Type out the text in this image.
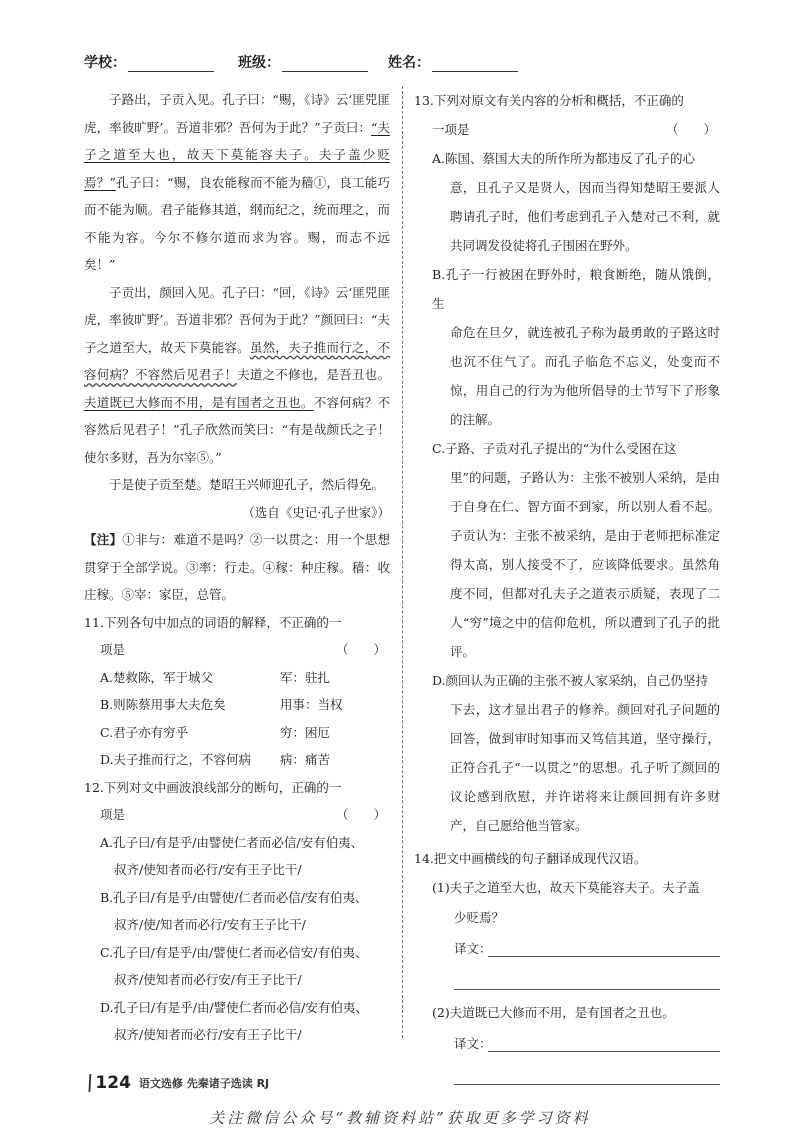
学校：	班级：	姓名：

子路出，子贡入见。孔子曰：“赐，《诗》云‘匪兕匪虎，率彼旷野’。吾道非邪？吾何为于此？”子贡曰：“夫子之道至大也，故天下莫能容夫子。夫子盖少贬焉？”孔子曰：“赐，良农能稼而不能为穑①，良工能巧而不能为顺。君子能修其道，纲而纪之，统而理之，而不能为容。今尔不修尔道而求为容。赐，而志不远矣！”

子贡出，颜回入见。孔子曰：“回，《诗》云‘匪兕匪虎，率彼旷野’。吾道非邪？吾何为于此？”颜回曰：“夫子之道至大，故天下莫能容。虽然，夫子推而行之，不容何病？不容然后见君子！夫道之不修也，是吾丑也。夫道既已大修而不用，是有国者之丑也。不容何病？不容然后见君子！”孔子欣然而笑曰：“有是哉颜氏之子！使尔多财，吾为尔宰⑤。”

于是使子贡至楚。楚昭王兴师迎孔子，然后得免。

（选自《史记·孔子世家》）

【注】①非与：难道不是吗？②一以贯之：用一个思想贯穿于全部学说。③率：行走。④稼：种庄稼。穑：收庄稼。⑤宰：家臣，总管。

11.下列各句中加点的词语的解释，不正确的一

项是	（　　）

A.楚救陈，军于城父	军：驻扎
B.则陈蔡用事大夫危矣	用事：当权
C.君子亦有穷乎	穷：困厄
D.夫子推而行之，不容何病 病：痛苦

12.下列对文中画波浪线部分的断句，正确的一

项是	（　　）

A.孔子曰/有是乎/由譬使仁者而必信/安有伯夷、
叔齐/使知者而必行/安有王子比干/

B.孔子曰/有是乎/由譬使/仁者而必信/安有伯夷、
叔齐/使/知者而必行/安有王子比干/

C.孔子曰/有是乎/由/譬使仁者而必信安/有伯夷、
叔齐/使知者而必行安/有王子比干/

D.孔子曰/有是乎/由/譬使仁者而必信/安有伯夷、
叔齐/使知者而必行/安有王子比干/

13.下列对原文有关内容的分析和概括，不正确的

一项是	（　　）

A.陈国、蔡国大夫的所作所为都违反了孔子的心
意，且孔子又是贤人，因而当得知楚昭王要派人聘请孔子时，他们考虑到孔子入楚对己不利，就共同调发役徒将孔子围困在野外。

B.孔子一行被困在野外时，粮食断绝，随从饿倒，生
命危在旦夕，就连被孔子称为最勇敢的子路这时也沉不住气了。而孔子临危不忘义，处变而不惊，用自己的行为为他所倡导的士节写下了形象的注解。

C.子路、子贡对孔子提出的“为什么受困在这
里”的问题，子路认为：主张不被别人采纳，是由于自身在仁、智方面不到家，所以别人看不起。子贡认为：主张不被采纳，是由于老师把标准定得太高，别人接受不了，应该降低要求。虽然角度不同，但都对孔夫子之道表示质疑，表现了二人“穷”境之中的信仰危机，所以遭到了孔子的批评。

D.颜回认为正确的主张不被人家采纳，自己仍坚持
下去，这才显出君子的修养。颜回对孔子问题的回答，做到审时知事而又笃信其道，坚守操行，正符合孔子“一以贯之”的思想。孔子听了颜回的议论感到欣慰，并许诺将来让颜回拥有许多财产，自己愿给他当管家。

14.把文中画横线的句子翻译成现代汉语。

(1)夫子之道至大也，故天下莫能容夫子。夫子盖
少贬焉？

译文：

(2)夫道既已大修而不用，是有国者之丑也。

译文：
\
124 语文选修 先秦诸子选读 RJ
关注微信公众号“教辅资料站”获取更多学习资料
